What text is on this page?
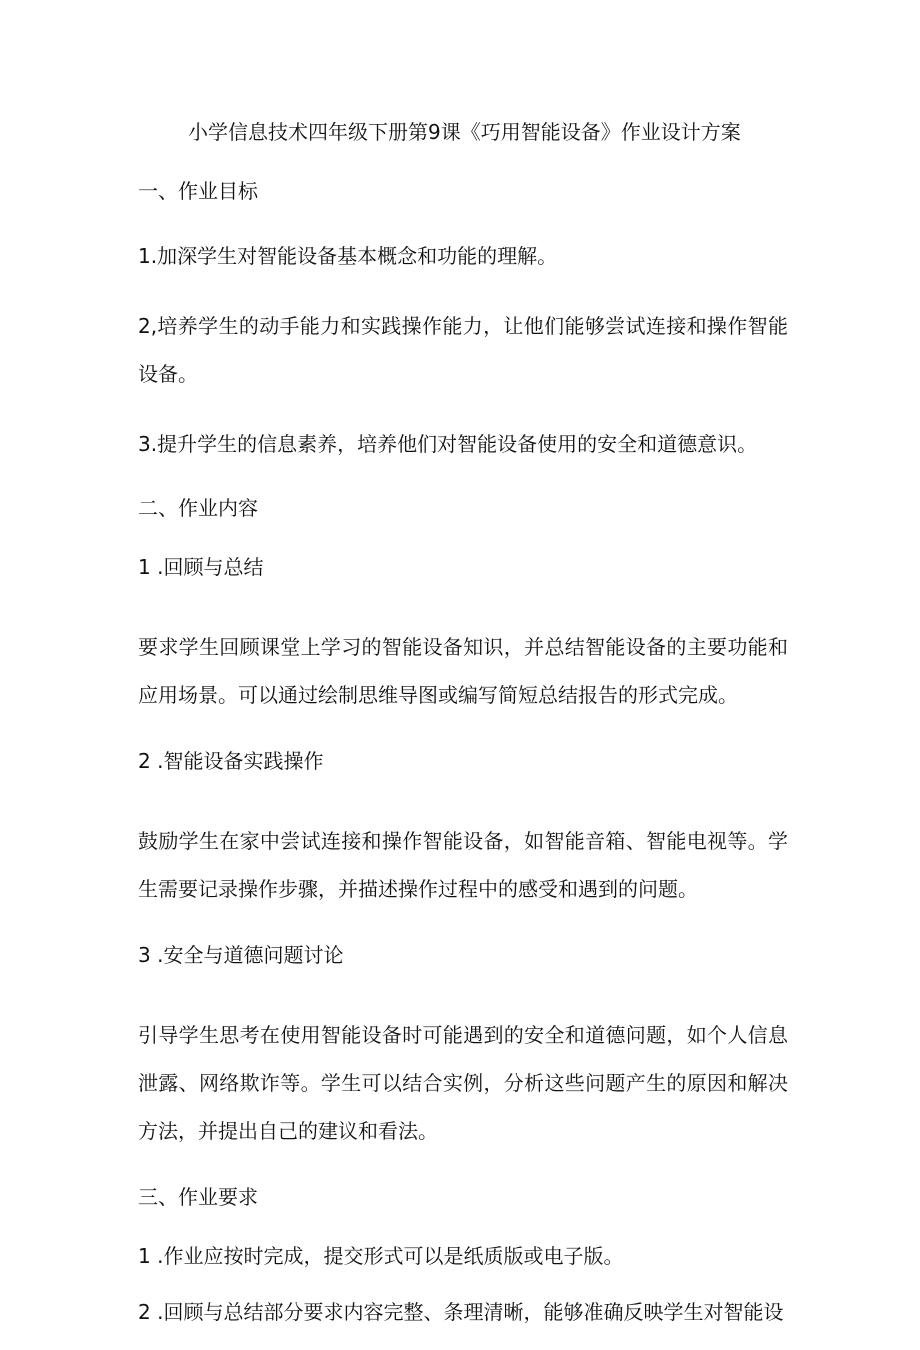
小学信息技术四年级下册第9课《巧用智能设备》作业设计方案
一、作业目标

1.加深学生对智能设备基本概念和功能的理解。

2,培养学生的动手能力和实践操作能力，让他们能够尝试连接和操作智能设备。

3.提升学生的信息素养，培养他们对智能设备使用的安全和道德意识。

二、作业内容
1 .回顾与总结

要求学生回顾课堂上学习的智能设备知识，并总结智能设备的主要功能和应用场景。可以通过绘制思维导图或编写简短总结报告的形式完成。

2 .智能设备实践操作

鼓励学生在家中尝试连接和操作智能设备，如智能音箱、智能电视等。学生需要记录操作步骤，并描述操作过程中的感受和遇到的问题。

3 .安全与道德问题讨论

引导学生思考在使用智能设备时可能遇到的安全和道德问题，如个人信息泄露、网络欺诈等。学生可以结合实例，分析这些问题产生的原因和解决方法，并提出自己的建议和看法。

三、作业要求
1 .作业应按时完成，提交形式可以是纸质版或电子版。
2 .回顾与总结部分要求内容完整、条理清晰，能够准确反映学生对智能设
